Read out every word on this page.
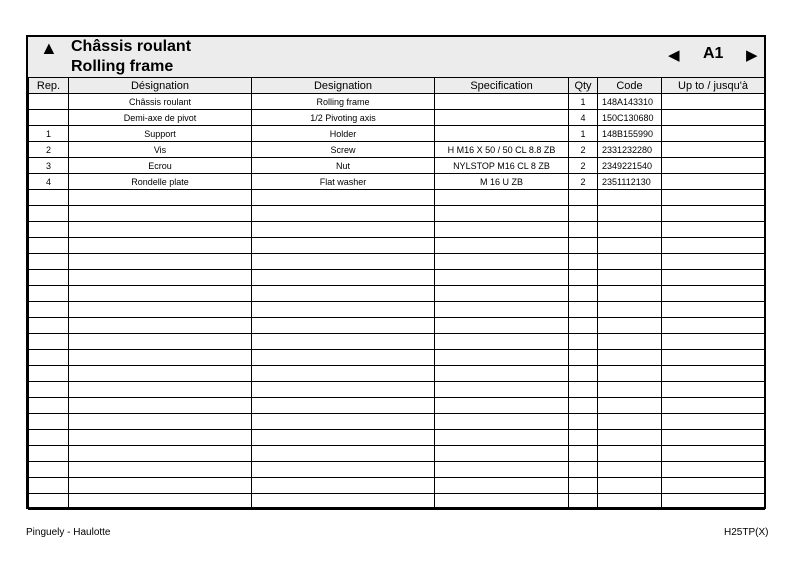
▲ Châssis roulant
Rolling frame
◀ A1 ▶
Rep.	Désignation	Designation	Specification	Qty	Code	Up to / jusqu'à
	Châssis roulant	Rolling frame		1	148A143310	
	Demi-axe de pivot	1/2 Pivoting axis		4	150C130680	
1	Support	Holder		1	148B155990	
2	Vis	Screw	H M16 X 50 / 50 CL 8.8 ZB	2	2331232280	
3	Ecrou	Nut	NYLSTOP M16 CL 8 ZB	2	2349221540	
4	Rondelle plate	Flat washer	M 16 U ZB	2	2351112130	

Pinguely - Haulotte	H25TP(X)
